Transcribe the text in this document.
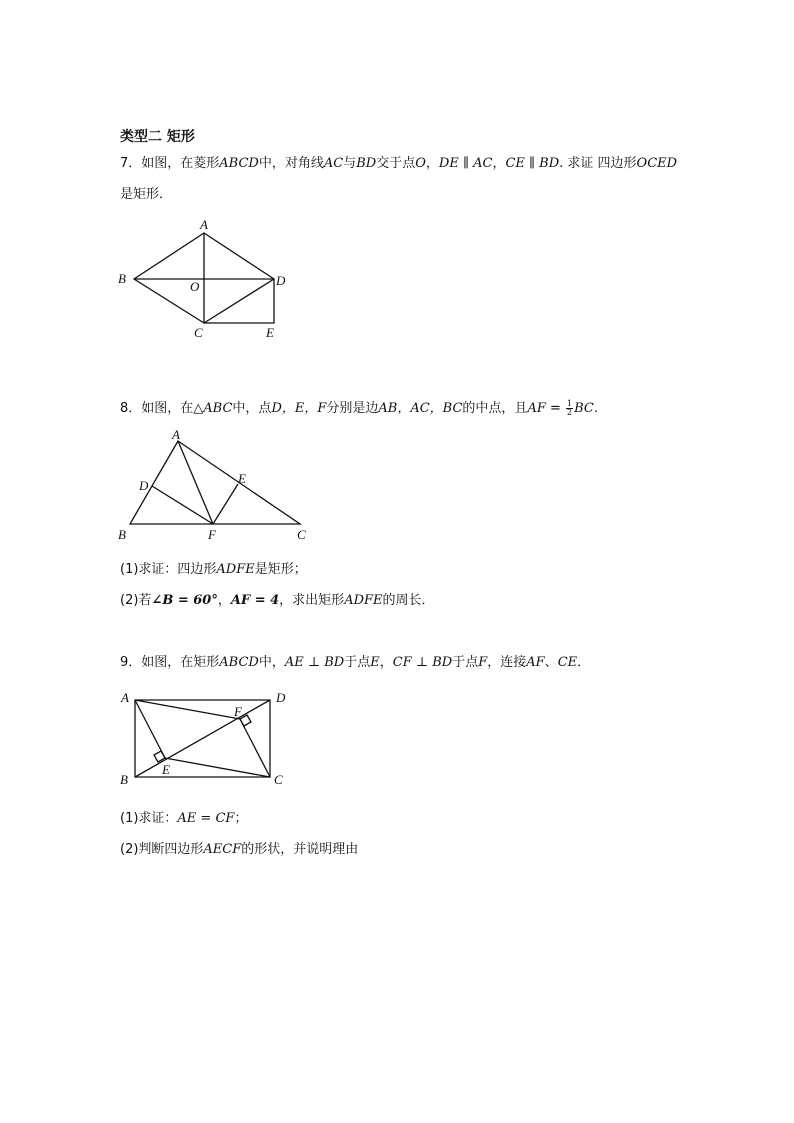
类型二 矩形
7．如图，在菱形ABCD中，对角线AC与BD交于点O，DE ∥ AC，CE ∥ BD. 求证 四边形OCED
是矩形．
A
B
O	D
C	E
8．如图，在△ABC中，点D，E，F分别是边AB，AC，BC的中点，且AF = $\frac{1}{2}$ BC.
A
D	E
B	F	C
(1)求证：四边形ADFE是矩形；
(2)若∠B = 60°，AF = 4，求出矩形ADFE的周长．
9．如图，在矩形ABCD中，AE ⊥ BD于点E，CF ⊥ BD于点F，连接AF、CE．
A	D
F
E
B	C
(1)求证：AE = CF；
(2)判断四边形AECF的形状，并说明理由
